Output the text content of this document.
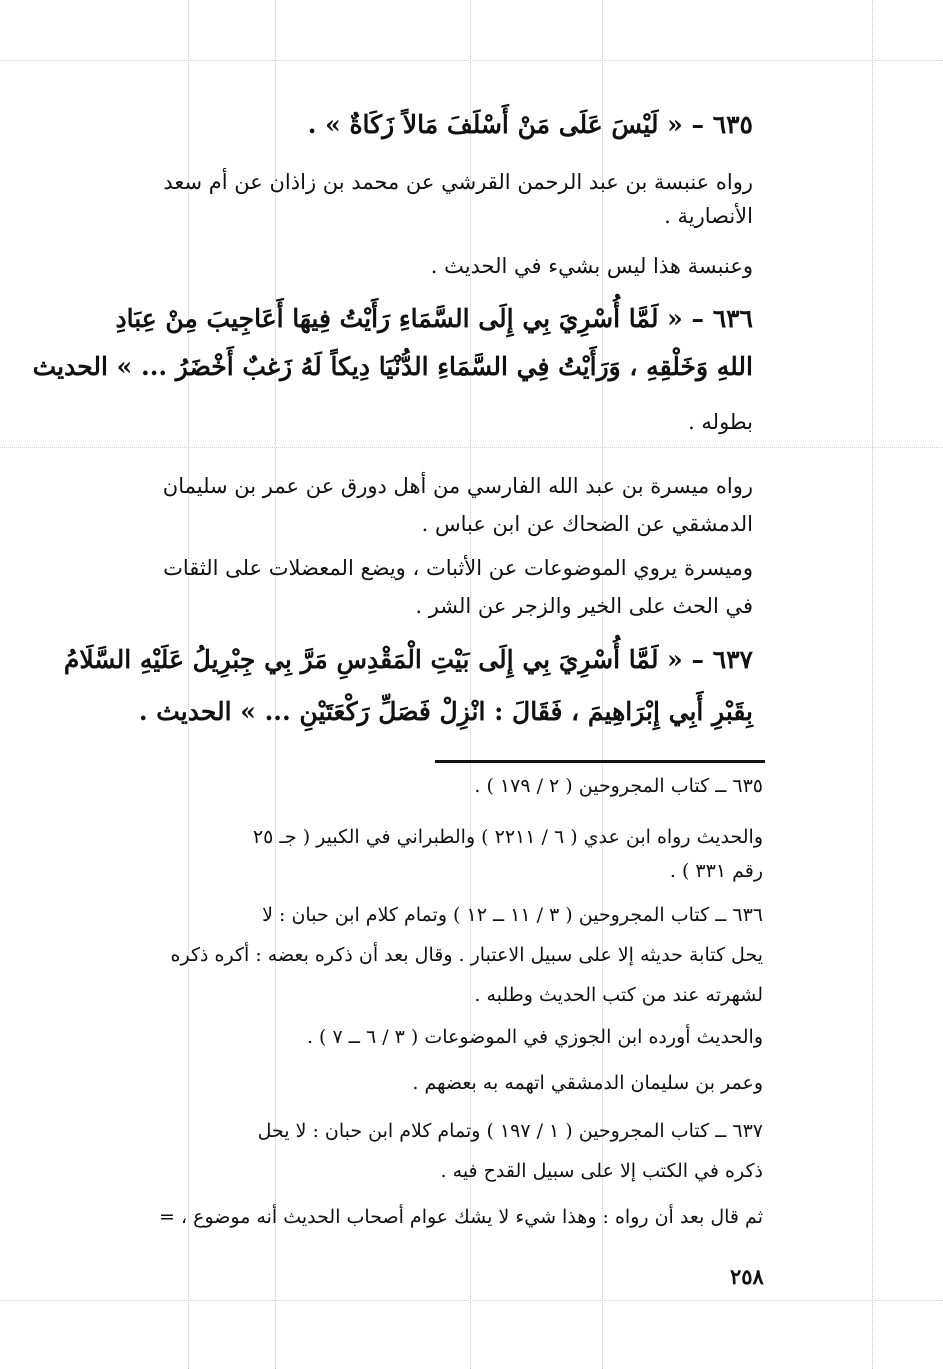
٦٣٥ – « لَيْسَ عَلَى مَنْ أَسْلَفَ مَالاً زَكَاةٌ » .
رواه عنبسة بن عبد الرحمن القرشي عن محمد بن زاذان عن أم سعد
الأنصارية .
وعنبسة هذا ليس بشيء في الحديث .
٦٣٦ – « لَمَّا أُسْرِيَ بِي إِلَى السَّمَاءِ رَأَيْتُ فِيهَا أَعَاجِيبَ مِنْ عِبَادِ
اللهِ وَخَلْقِهِ ، وَرَأَيْتُ فِي السَّمَاءِ الدُّنْيَا دِيكاً لَهُ زَغبٌ أَخْضَرُ ... » الحديث
بطوله .
رواه ميسرة بن عبد الله الفارسي من أهل دورق عن عمر بن سليمان
الدمشقي عن الضحاك عن ابن عباس .
وميسرة يروي الموضوعات عن الأثبات ، ويضع المعضلات على الثقات
في الحث على الخير والزجر عن الشر .
٦٣٧ – « لَمَّا أُسْرِيَ بِي إِلَى بَيْتِ الْمَقْدِسِ مَرَّ بِي جِبْرِيلُ عَلَيْهِ السَّلَامُ
بِقَبْرِ أَبِي إِبْرَاهِيمَ ، فَقَالَ : انْزِلْ فَصَلِّ رَكْعَتَيْنِ ... » الحديث .
٦٣٥ ــ كتاب المجروحين ( ٢ / ١٧٩ ) .
والحديث رواه ابن عدي ( ٦ / ٢٢١١ ) والطبراني في الكبير ( جـ ٢٥
رقم ٣٣١ ) .
٦٣٦ ــ كتاب المجروحين ( ٣ / ١١ ــ ١٢ ) وتمام كلام ابن حبان : لا
يحل كتابة حديثه إلا على سبيل الاعتبار . وقال بعد أن ذكره بعضه : أكره ذكره
لشهرته عند من كتب الحديث وطلبه .
والحديث أورده ابن الجوزي في الموضوعات ( ٣ / ٦ ــ ٧ ) .
وعمر بن سليمان الدمشقي اتهمه به بعضهم .
٦٣٧ ــ كتاب المجروحين ( ١ / ١٩٧ ) وتمام كلام ابن حبان : لا يحل
ذكره في الكتب إلا على سبيل القدح فيه .
ثم قال بعد أن رواه : وهذا شيء لا يشك عوام أصحاب الحديث أنه موضوع ، =
٢٥٨
